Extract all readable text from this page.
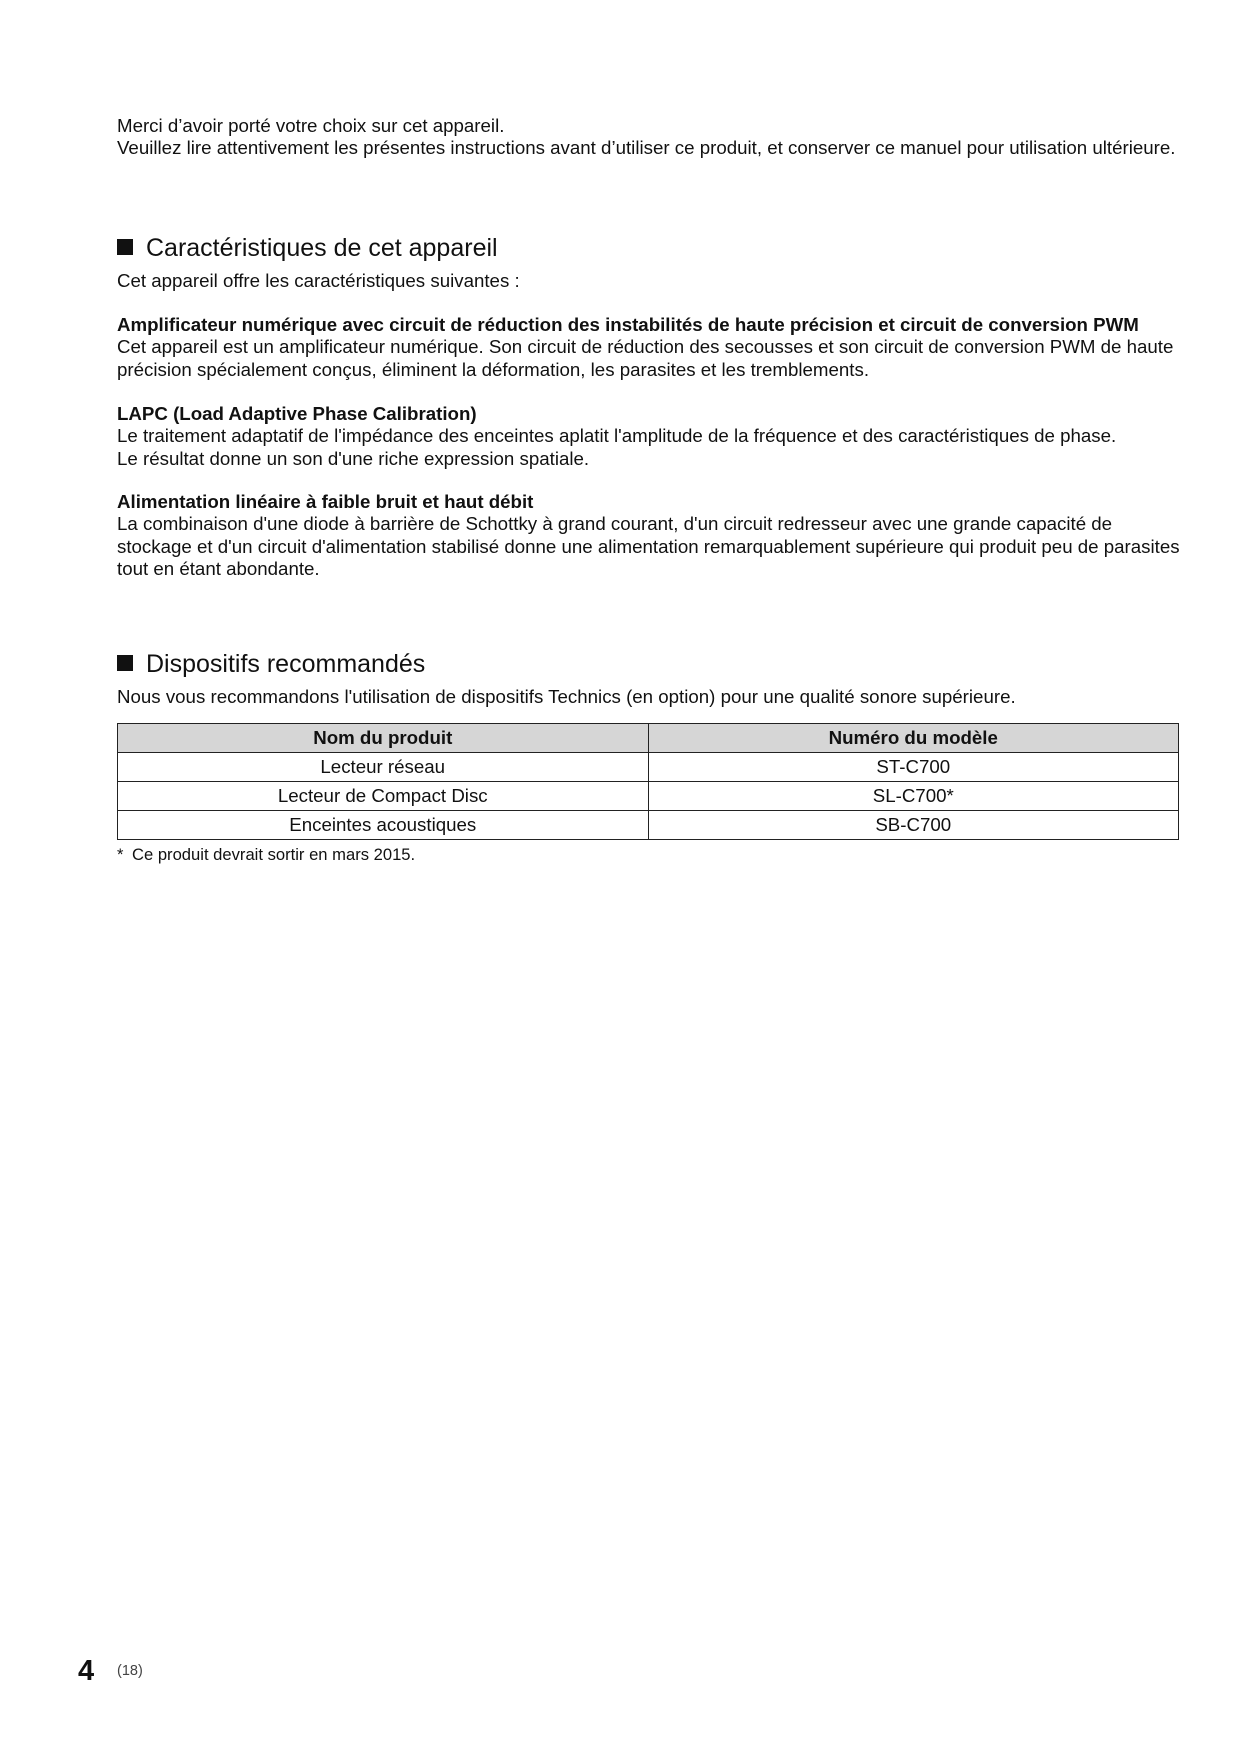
Merci d’avoir porté votre choix sur cet appareil.
Veuillez lire attentivement les présentes instructions avant d’utiliser ce produit, et conserver ce manuel pour utilisation ultérieure.
Caractéristiques de cet appareil
Cet appareil offre les caractéristiques suivantes :
Amplificateur numérique avec circuit de réduction des instabilités de haute précision et circuit de conversion PWM
Cet appareil est un amplificateur numérique. Son circuit de réduction des secousses et son circuit de conversion PWM de haute
précision spécialement conçus, éliminent la déformation, les parasites et les tremblements.
LAPC (Load Adaptive Phase Calibration)
Le traitement adaptatif de l'impédance des enceintes aplatit l'amplitude de la fréquence et des caractéristiques de phase.
Le résultat donne un son d'une riche expression spatiale.
Alimentation linéaire à faible bruit et haut débit
La combinaison d'une diode à barrière de Schottky à grand courant, d'un circuit redresseur avec une grande capacité de
stockage et d'un circuit d'alimentation stabilisé donne une alimentation remarquablement supérieure qui produit peu de parasites
tout en étant abondante.
Dispositifs recommandés
Nous vous recommandons l'utilisation de dispositifs Technics (en option) pour une qualité sonore supérieure.
Nom du produit	Numéro du modèle
Lecteur réseau	ST-C700
Lecteur de Compact Disc	SL-C700*
Enceintes acoustiques	SB-C700
* Ce produit devrait sortir en mars 2015.
4 (18)
